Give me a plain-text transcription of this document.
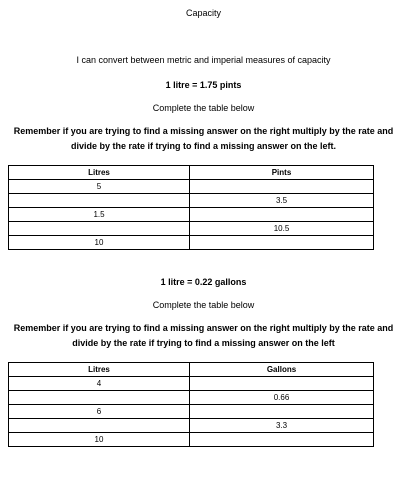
Capacity
I can convert between metric and imperial measures of capacity
1 litre = 1.75 pints
Complete the table below
Remember if you are trying to find a missing answer on the right multiply by the rate and divide by the rate if trying to find a missing answer on the left.
Litres	Pints
5	
	3.5
1.5	
	10.5
10	
1 litre = 0.22 gallons
Complete the table below
Remember if you are trying to find a missing answer on the right multiply by the rate and divide by the rate if trying to find a missing answer on the left
Litres	Gallons
4	
	0.66
6	
	3.3
10	
